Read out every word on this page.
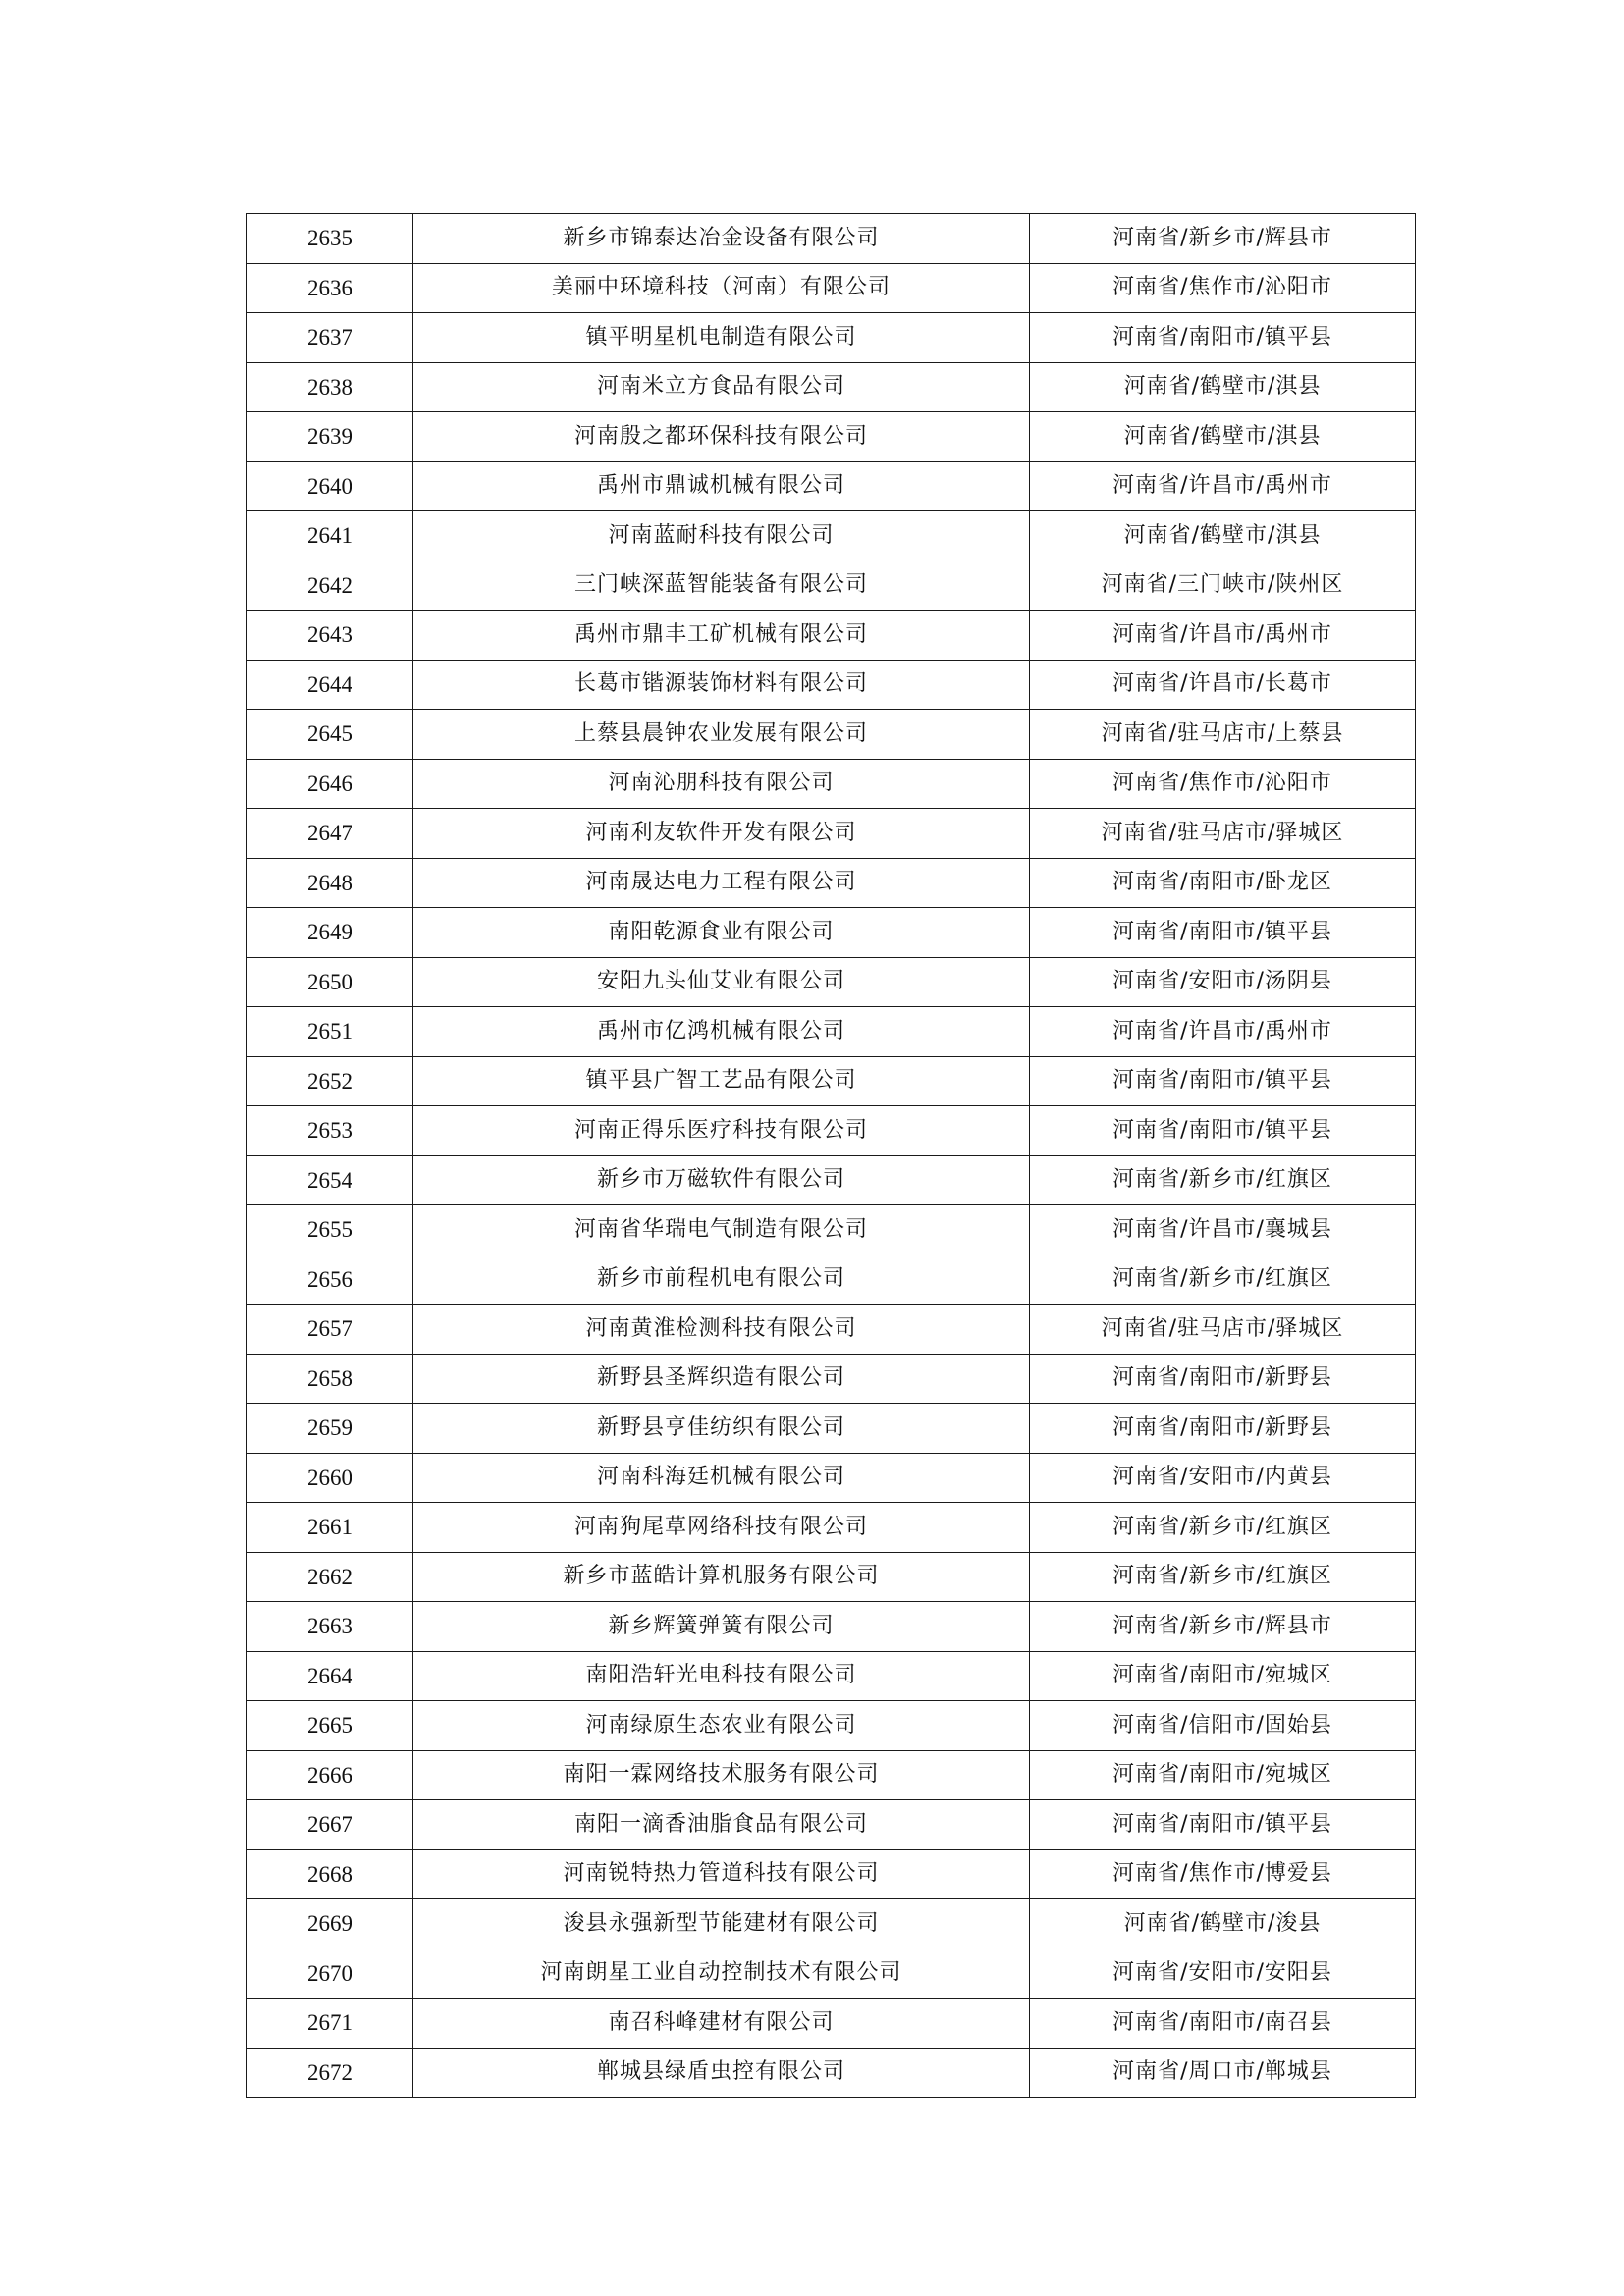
2635	新乡市锦泰达冶金设备有限公司	河南省/新乡市/辉县市
2636	美丽中环境科技（河南）有限公司	河南省/焦作市/沁阳市
2637	镇平明星机电制造有限公司	河南省/南阳市/镇平县
2638	河南米立方食品有限公司	河南省/鹤壁市/淇县
2639	河南殷之都环保科技有限公司	河南省/鹤壁市/淇县
2640	禹州市鼎诚机械有限公司	河南省/许昌市/禹州市
2641	河南蓝耐科技有限公司	河南省/鹤壁市/淇县
2642	三门峡深蓝智能装备有限公司	河南省/三门峡市/陕州区
2643	禹州市鼎丰工矿机械有限公司	河南省/许昌市/禹州市
2644	长葛市锴源装饰材料有限公司	河南省/许昌市/长葛市
2645	上蔡县晨钟农业发展有限公司	河南省/驻马店市/上蔡县
2646	河南沁朋科技有限公司	河南省/焦作市/沁阳市
2647	河南利友软件开发有限公司	河南省/驻马店市/驿城区
2648	河南晟达电力工程有限公司	河南省/南阳市/卧龙区
2649	南阳乾源食业有限公司	河南省/南阳市/镇平县
2650	安阳九头仙艾业有限公司	河南省/安阳市/汤阴县
2651	禹州市亿鸿机械有限公司	河南省/许昌市/禹州市
2652	镇平县广智工艺品有限公司	河南省/南阳市/镇平县
2653	河南正得乐医疗科技有限公司	河南省/南阳市/镇平县
2654	新乡市万磁软件有限公司	河南省/新乡市/红旗区
2655	河南省华瑞电气制造有限公司	河南省/许昌市/襄城县
2656	新乡市前程机电有限公司	河南省/新乡市/红旗区
2657	河南黄淮检测科技有限公司	河南省/驻马店市/驿城区
2658	新野县圣辉织造有限公司	河南省/南阳市/新野县
2659	新野县亨佳纺织有限公司	河南省/南阳市/新野县
2660	河南科海廷机械有限公司	河南省/安阳市/内黄县
2661	河南狗尾草网络科技有限公司	河南省/新乡市/红旗区
2662	新乡市蓝皓计算机服务有限公司	河南省/新乡市/红旗区
2663	新乡辉簧弹簧有限公司	河南省/新乡市/辉县市
2664	南阳浩轩光电科技有限公司	河南省/南阳市/宛城区
2665	河南绿原生态农业有限公司	河南省/信阳市/固始县
2666	南阳一霖网络技术服务有限公司	河南省/南阳市/宛城区
2667	南阳一滴香油脂食品有限公司	河南省/南阳市/镇平县
2668	河南锐特热力管道科技有限公司	河南省/焦作市/博爱县
2669	浚县永强新型节能建材有限公司	河南省/鹤壁市/浚县
2670	河南朗星工业自动控制技术有限公司	河南省/安阳市/安阳县
2671	南召科峰建材有限公司	河南省/南阳市/南召县
2672	郸城县绿盾虫控有限公司	河南省/周口市/郸城县
